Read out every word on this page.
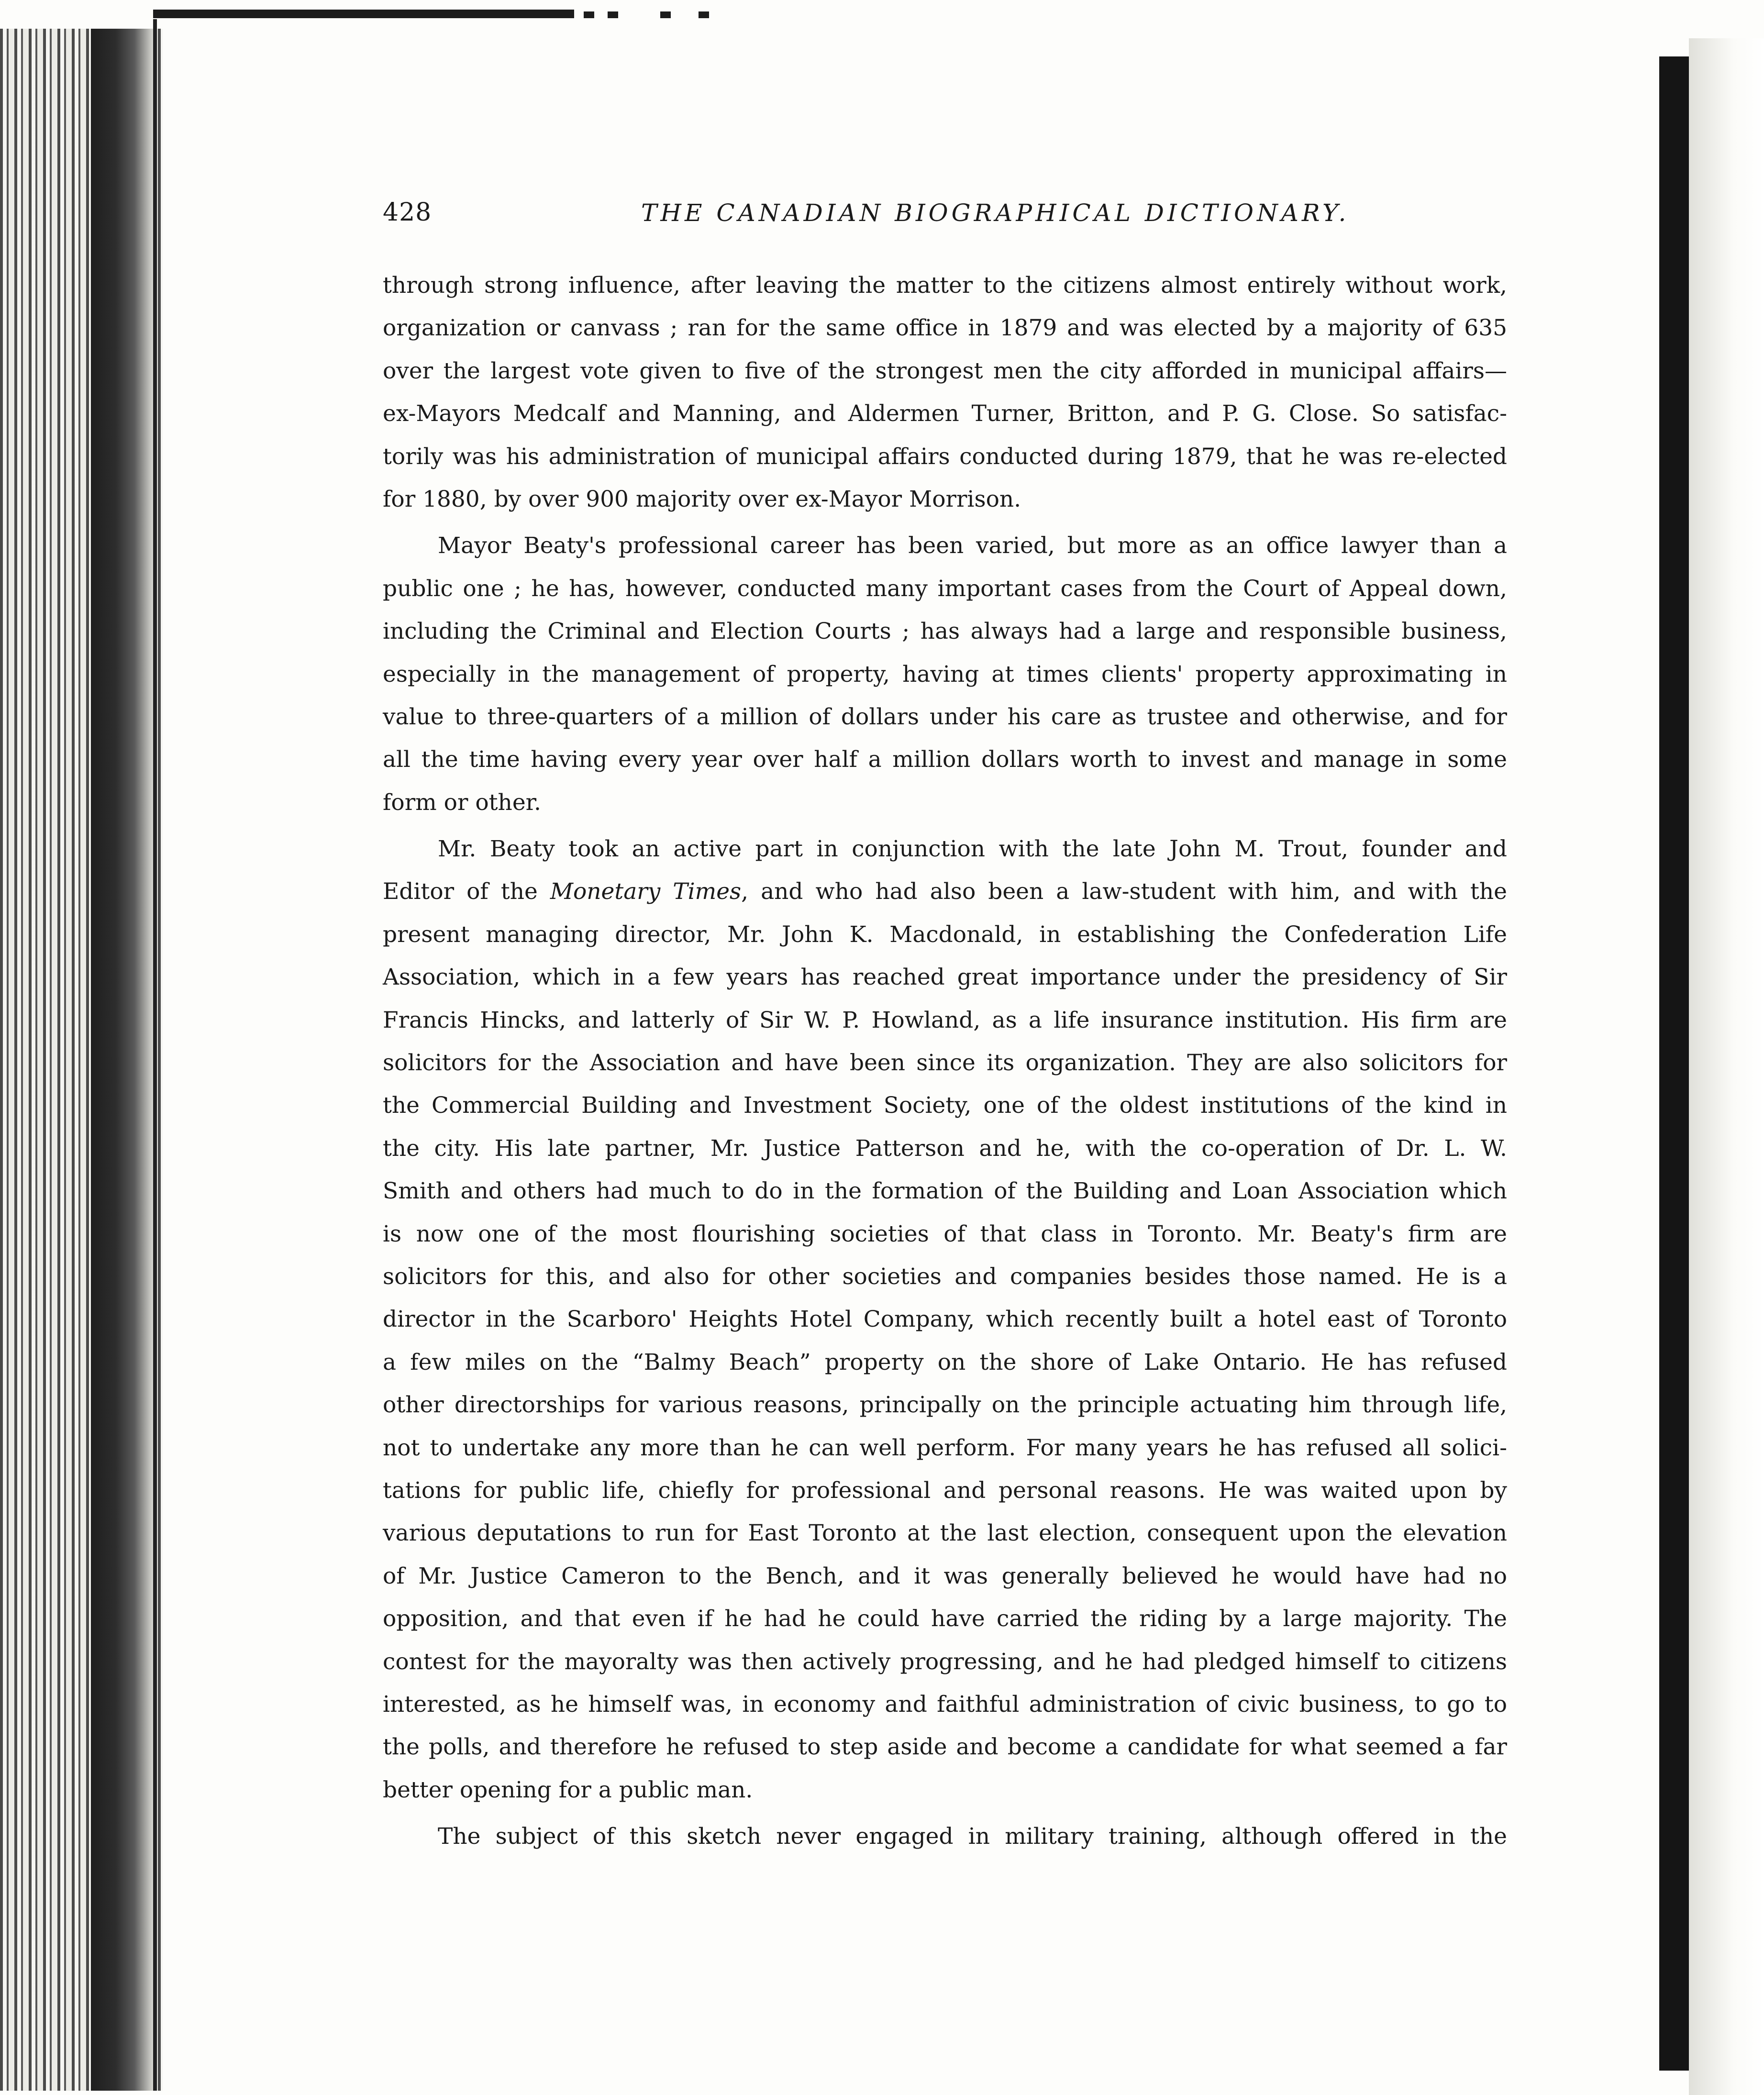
428	THE CANADIAN BIOGRAPHICAL DICTIONARY.
through strong influence, after leaving the matter to the citizens almost entirely without work,
organization or canvass ; ran for the same office in 1879 and was elected by a majority of 635
over the largest vote given to five of the strongest men the city afforded in municipal affairs—
ex-Mayors Medcalf and Manning, and Aldermen Turner, Britton, and P. G. Close. So satisfac-
torily was his administration of municipal affairs conducted during 1879, that he was re-elected
for 1880, by over 900 majority over ex-Mayor Morrison.
Mayor Beaty's professional career has been varied, but more as an office lawyer than a
public one ; he has, however, conducted many important cases from the Court of Appeal down,
including the Criminal and Election Courts ; has always had a large and responsible business,
especially in the management of property, having at times clients' property approximating in
value to three-quarters of a million of dollars under his care as trustee and otherwise, and for
all the time having every year over half a million dollars worth to invest and manage in some
form or other.
Mr. Beaty took an active part in conjunction with the late John M. Trout, founder and
Editor of the Monetary Times, and who had also been a law-student with him, and with the
present managing director, Mr. John K. Macdonald, in establishing the Confederation Life
Association, which in a few years has reached great importance under the presidency of Sir
Francis Hincks, and latterly of Sir W. P. Howland, as a life insurance institution. His firm are
solicitors for the Association and have been since its organization. They are also solicitors for
the Commercial Building and Investment Society, one of the oldest institutions of the kind in
the city. His late partner, Mr. Justice Patterson and he, with the co-operation of Dr. L. W.
Smith and others had much to do in the formation of the Building and Loan Association which
is now one of the most flourishing societies of that class in Toronto. Mr. Beaty's firm are
solicitors for this, and also for other societies and companies besides those named. He is a
director in the Scarboro' Heights Hotel Company, which recently built a hotel east of Toronto
a few miles on the “Balmy Beach” property on the shore of Lake Ontario. He has refused
other directorships for various reasons, principally on the principle actuating him through life,
not to undertake any more than he can well perform. For many years he has refused all solici-
tations for public life, chiefly for professional and personal reasons. He was waited upon by
various deputations to run for East Toronto at the last election, consequent upon the elevation
of Mr. Justice Cameron to the Bench, and it was generally believed he would have had no
opposition, and that even if he had he could have carried the riding by a large majority. The
contest for the mayoralty was then actively progressing, and he had pledged himself to citizens
interested, as he himself was, in economy and faithful administration of civic business, to go to
the polls, and therefore he refused to step aside and become a candidate for what seemed a far
better opening for a public man.
The subject of this sketch never engaged in military training, although offered in the
